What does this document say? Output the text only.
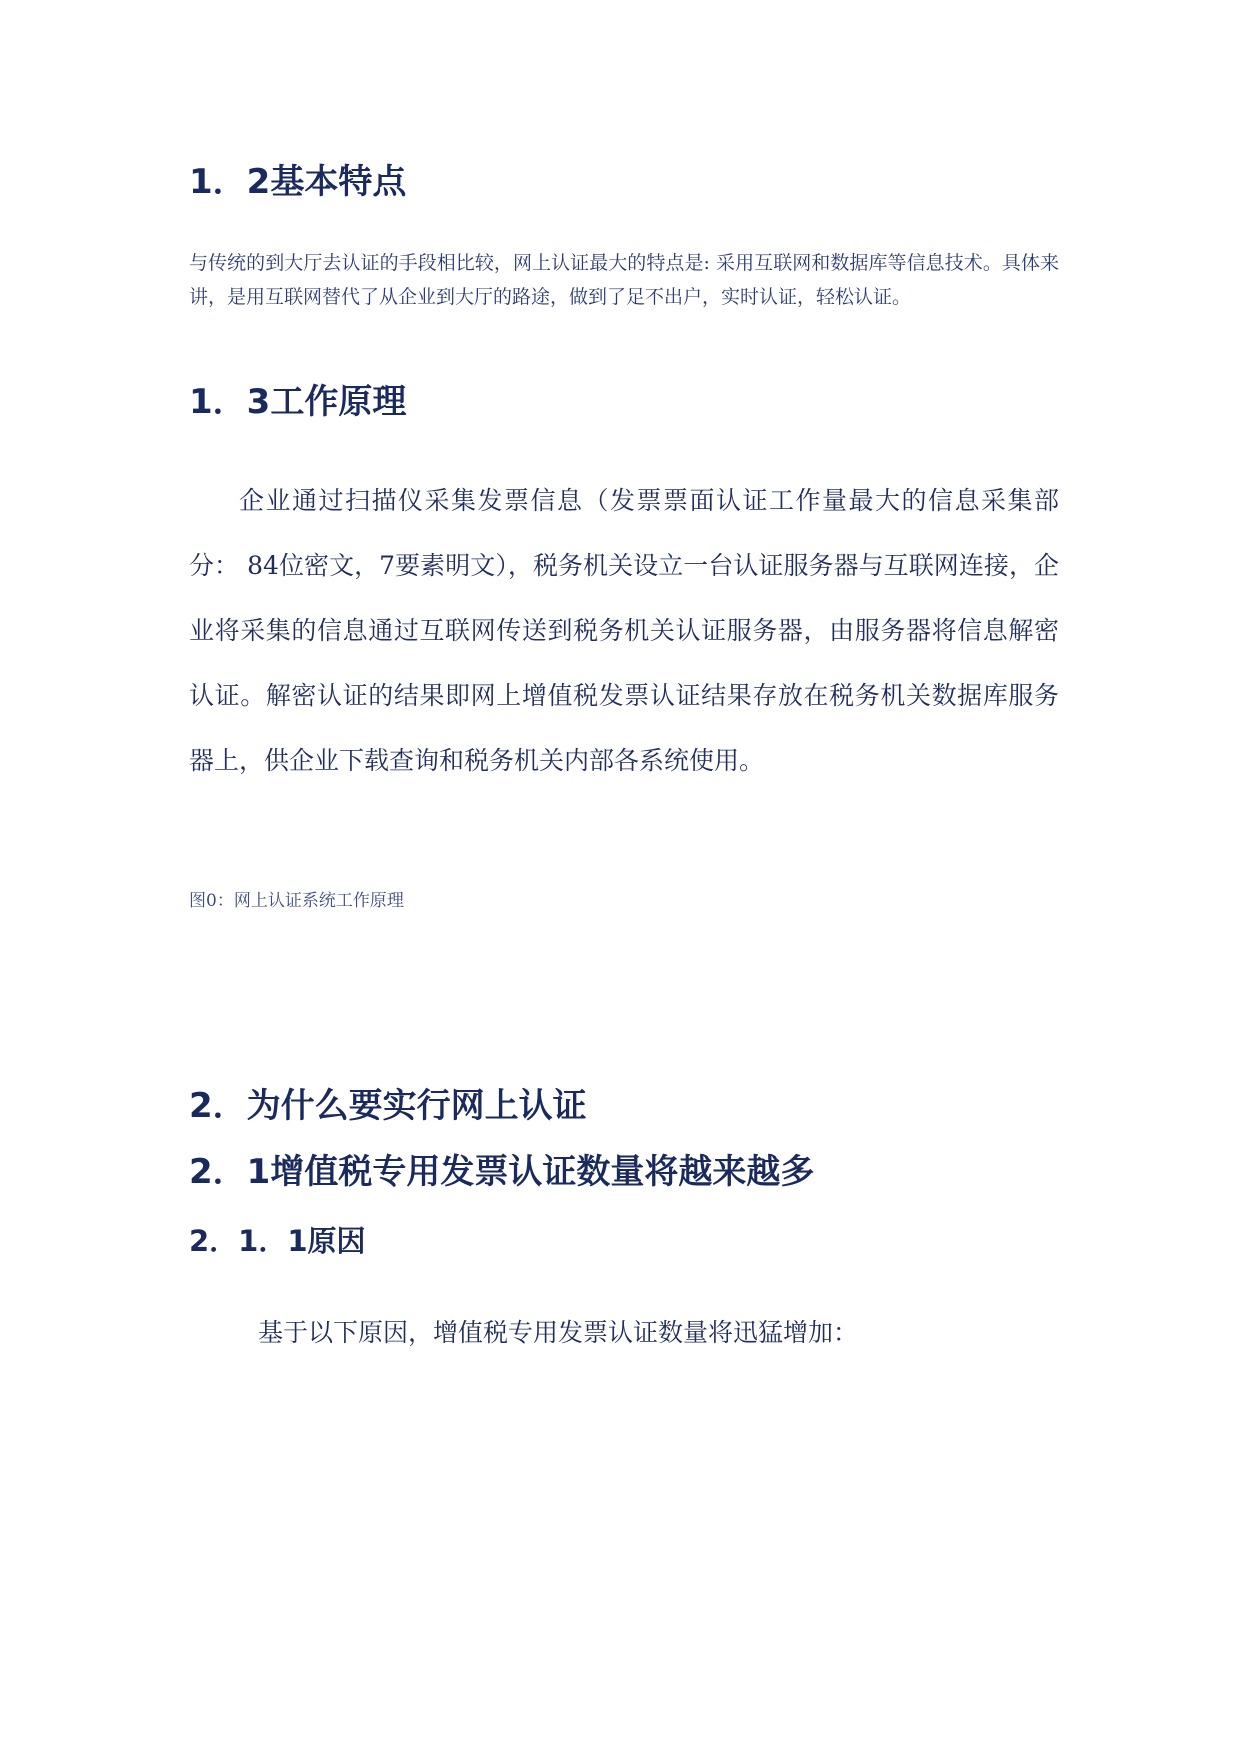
1．2基本特点

与传统的到大厅去认证的手段相比较，网上认证最大的特点是: 采用互联网和数据库等信息技术。具体来讲，是用互联网替代了从企业到大厅的路途，做到了足不出户，实时认证，轻松认证。

1．3工作原理

企业通过扫描仪采集发票信息（发票票面认证工作量最大的信息采集部分： 84位密文，7要素明文），税务机关设立一台认证服务器与互联网连接，企业将采集的信息通过互联网传送到税务机关认证服务器，由服务器将信息解密认证。解密认证的结果即网上增值税发票认证结果存放在税务机关数据库服务器上，供企业下载查询和税务机关内部各系统使用。

图0：网上认证系统工作原理

2．为什么要实行网上认证
2．1增值税专用发票认证数量将越来越多
2．1．1原因

基于以下原因，增值税专用发票认证数量将迅猛增加：
